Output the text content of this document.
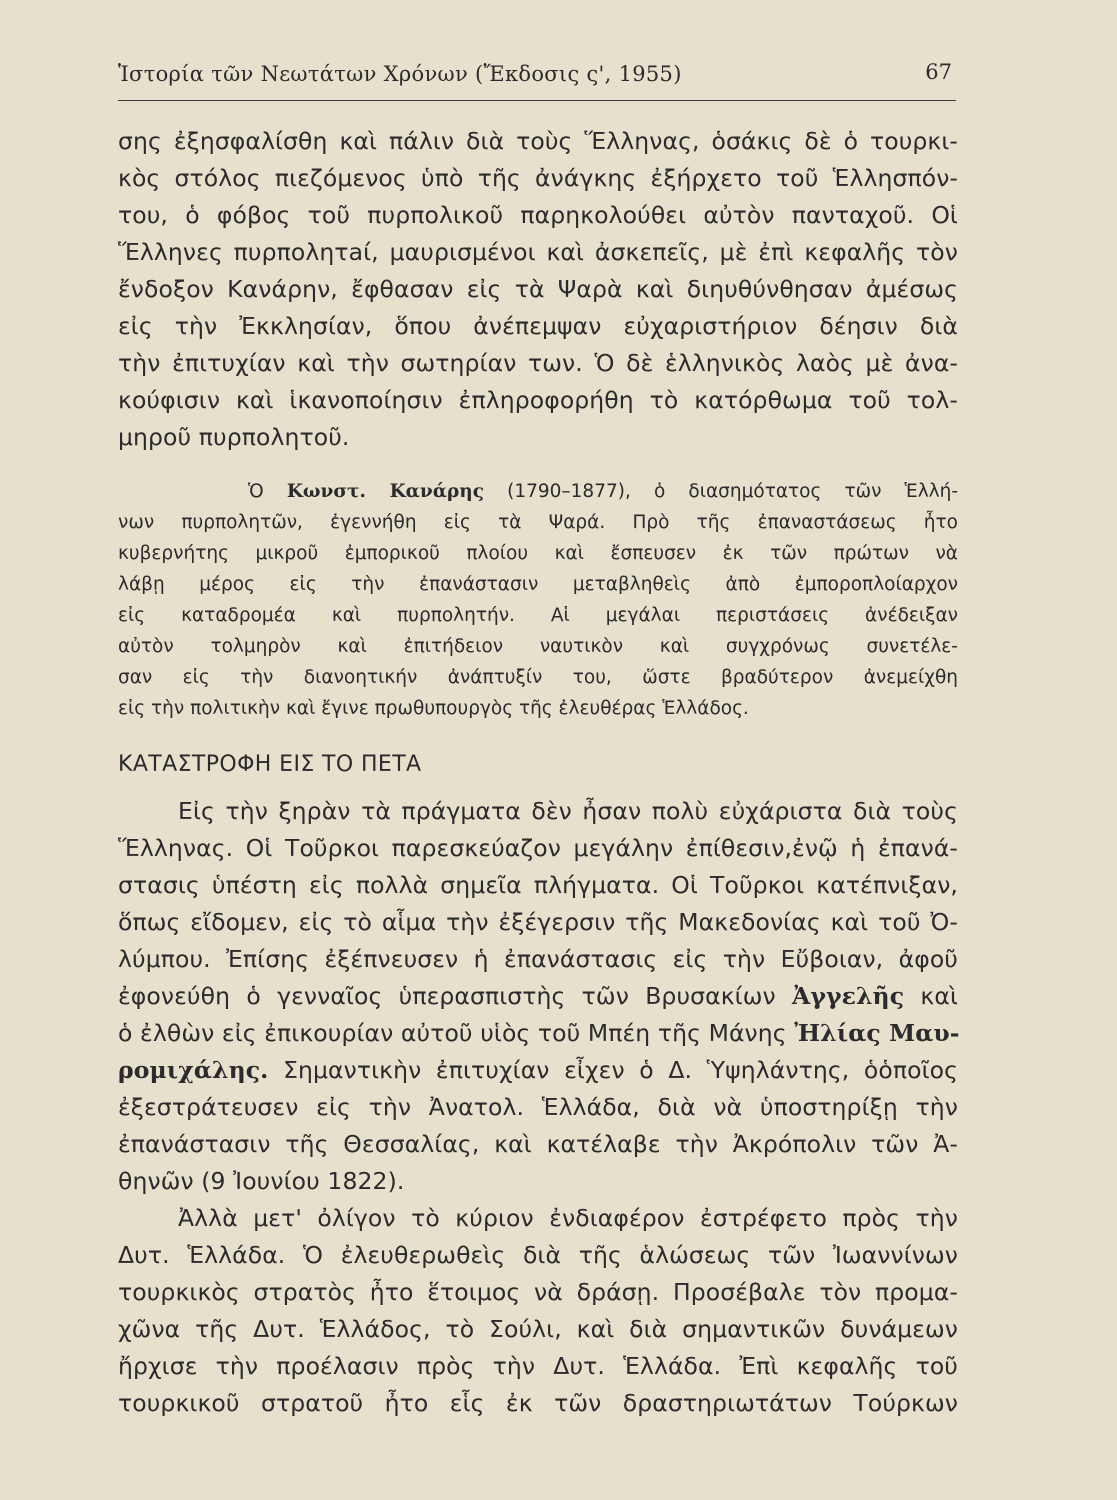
Ἱστορία τῶν Νεωτάτων Χρόνων (Ἔκδοσις ς', 1955)	67
σης ἐξησφαλίσθη καὶ πάλιν διὰ τοὺς Ἕλληνας, ὁσάκις δὲ ὁ τουρκι-
κὸς στόλος πιεζόμενος ὑπὸ τῆς ἀνάγκης ἐξήρχετο τοῦ Ἑλλησπόν-
του, ὁ φόβος τοῦ πυρπολικοῦ παρηκολούθει αὐτὸν πανταχοῦ. Οἱ
Ἕλληνες πυρπολητaί, μαυρισμένοι καὶ ἀσκεπεῖς, μὲ ἐπὶ κεφαλῆς τὸν
ἔνδοξον Κανάρην, ἔφθασαν εἰς τὰ Ψαρὰ καὶ διηυθύνθησαν ἀμέσως
εἰς τὴν Ἐκκλησίαν, ὅπου ἀνέπεμψαν εὐχαριστήριον δέησιν διὰ
τὴν ἐπιτυχίαν καὶ τὴν σωτηρίαν των. Ὁ δὲ ἑλληνικὸς λαὸς μὲ ἀνα-
κούφισιν καὶ ἱκανοποίησιν ἐπληροφορήθη τὸ κατόρθωμα τοῦ τολ-
μηροῦ πυρπολητοῦ.
Ὁ Κωνστ. Κανάρης (1790–1877), ὁ διασημότατος τῶν Ἑλλή-
νων πυρπολητῶν, ἐγεννήθη εἰς τὰ Ψαρά. Πρὸ τῆς ἐπαναστάσεως ἦτο
κυβερνήτης μικροῦ ἐμπορικοῦ πλοίου καὶ ἔσπευσεν ἐκ τῶν πρώτων νὰ
λάβῃ μέρος εἰς τὴν ἐπανάστασιν μεταβληθεὶς ἀπὸ ἐμποροπλοίαρχον
εἰς καταδρομέα καὶ πυρπολητήν. Αἱ μεγάλαι περιστάσεις ἀνέδειξαν
αὐτὸν τολμηρὸν καὶ ἐπιτήδειον ναυτικὸν καὶ συγχρόνως συνετέλε-
σαν εἰς τὴν διανοητικήν ἀνάπτυξίν του, ὥστε βραδύτερον ἀνεμείχθη
εἰς τὴν πολιτικὴν καὶ ἔγινε πρωθυπουργὸς τῆς ἐλευθέρας Ἑλλάδος.
ΚΑΤΑΣΤΡΟΦΗ ΕΙΣ ΤΟ ΠΕΤΑ
Εἰς τὴν ξηρὰν τὰ πράγματα δὲν ἦσαν πολὺ εὐχάριστα διὰ τοὺς
Ἕλληνας. Οἱ Τοῦρκοι παρεσκεύαζον μεγάλην ἐπίθεσιν,ἐνῷ ἡ ἐπανά-
στασις ὑπέστη εἰς πολλὰ σημεῖα πλήγματα. Οἱ Τοῦρκοι κατέπνιξαν,
ὅπως εἴδομεν, εἰς τὸ αἷμα τὴν ἐξέγερσιν τῆς Μακεδονίας καὶ τοῦ Ὀ-
λύμπου. Ἐπίσης ἐξέπνευσεν ἡ ἐπανάστασις εἰς τὴν Εὔβοιαν, ἀφοῦ
ἐφονεύθη ὁ γενναῖος ὑπερασπιστὴς τῶν Βρυσακίων Ἀγγελῆς καὶ
ὁ ἐλθὼν εἰς ἐπικουρίαν αὐτοῦ υἱὸς τοῦ Μπέη τῆς Μάνης Ἠλίας Μαυ-
ρομιχάλης. Σημαντικὴν ἐπιτυχίαν εἶχεν ὁ Δ. Ὑψηλάντης, ὁὁποῖος
ἐξεστράτευσεν εἰς τὴν Ἀνατολ. Ἑλλάδα, διὰ νὰ ὑποστηρίξῃ τὴν
ἐπανάστασιν τῆς Θεσσαλίας, καὶ κατέλαβε τὴν Ἀκρόπολιν τῶν Ἀ-
θηνῶν (9 Ἰουνίου 1822).
Ἀλλὰ μετ' ὀλίγον τὸ κύριον ἐνδιαφέρον ἐστρέφετο πρὸς τὴν
Δυτ. Ἑλλάδα. Ὁ ἐλευθερωθεὶς διὰ τῆς ἁλώσεως τῶν Ἰωαννίνων
τουρκικὸς στρατὸς ἦτο ἕτοιμος νὰ δράσῃ. Προσέβαλε τὸν προμα-
χῶνα τῆς Δυτ. Ἑλλάδος, τὸ Σούλι, καὶ διὰ σημαντικῶν δυνάμεων
ἤρχισε τὴν προέλασιν πρὸς τὴν Δυτ. Ἑλλάδα. Ἐπὶ κεφαλῆς τοῦ
τουρκικοῦ στρατοῦ ἦτο εἷς ἐκ τῶν δραστηριωτάτων Τούρκων
